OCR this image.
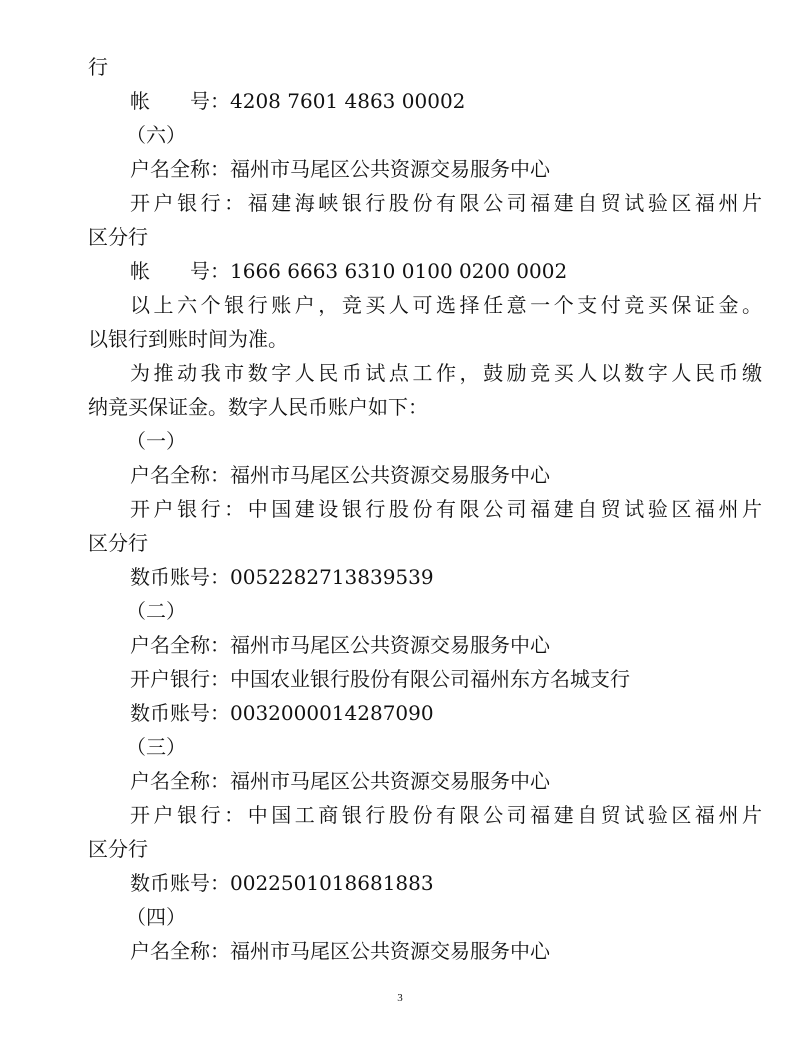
行
帐　　号：4208 7601 4863 00002
（六）
户名全称：福州市马尾区公共资源交易服务中心
开户银行：福建海峡银行股份有限公司福建自贸试验区福州片
区分行
帐　　号：1666 6663 6310 0100 0200 0002
以上六个银行账户，竞买人可选择任意一个支付竞买保证金。
以银行到账时间为准。
为推动我市数字人民币试点工作，鼓励竞买人以数字人民币缴
纳竞买保证金。数字人民币账户如下：
（一）
户名全称：福州市马尾区公共资源交易服务中心
开户银行：中国建设银行股份有限公司福建自贸试验区福州片
区分行
数币账号：0052282713839539
（二）
户名全称：福州市马尾区公共资源交易服务中心
开户银行：中国农业银行股份有限公司福州东方名城支行
数币账号：0032000014287090
（三）
户名全称：福州市马尾区公共资源交易服务中心
开户银行：中国工商银行股份有限公司福建自贸试验区福州片
区分行
数币账号：0022501018681883
（四）
户名全称：福州市马尾区公共资源交易服务中心
3
